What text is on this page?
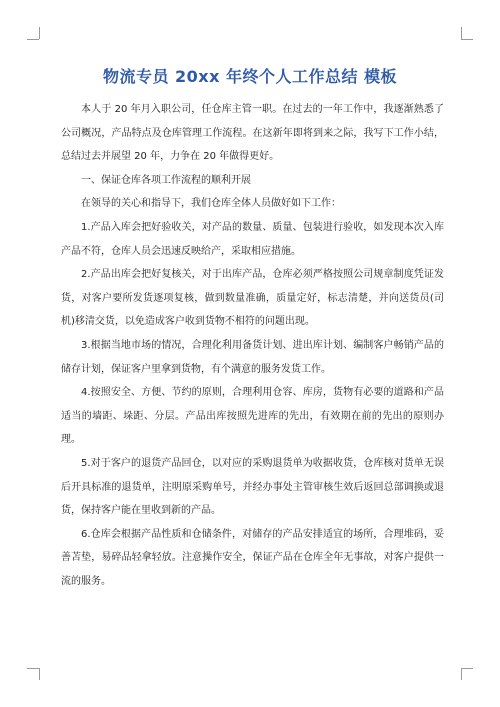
物流专员 20xx 年终个人工作总结 模板

本人于 20 年月入职公司，任仓库主管一职。在过去的一年工作中，我逐渐熟悉了公司概况，产品特点及仓库管理工作流程。在这新年即将到来之际，我写下工作小结，总结过去并展望 20 年，力争在 20 年做得更好。

一、保证仓库各项工作流程的顺利开展

在领导的关心和指导下，我们仓库全体人员做好如下工作：

1.产品入库会把好验收关，对产品的数量、质量、包装进行验收，如发现本次入库产品不符，仓库人员会迅速反映给产，采取相应措施。

2.产品出库会把好复核关，对于出库产品，仓库必须严格按照公司规章制度凭证发货，对客户要所发货逐项复核，做到数量准确，质量定好，标志清楚，并向送货员(司机)移清交货，以免造成客户收到货物不相符的问题出现。

3.根据当地市场的情况，合理化利用备货计划、进出库计划、编制客户畅销产品的储存计划，保证客户里拿到货物，有个满意的服务发货工作。

4.按照安全、方便、节约的原则，合理利用仓容、库房，货物有必要的道路和产品适当的墙距、垛距、分层。产品出库按照先进库的先出，有效期在前的先出的原则办理。

5.对于客户的退货产品回仓，以对应的采购退货单为收据收货，仓库核对货单无误后开具标准的退货单，注明原采购单号，并经办事处主管审核生效后返回总部调换或退货，保持客户能在里收到新的产品。

6.仓库会根据产品性质和仓储条件，对储存的产品安排适宜的场所，合理堆码，妥善苫垫，易碎品轻拿轻放。注意操作安全，保证产品在仓库全年无事故，对客户提供一流的服务。
